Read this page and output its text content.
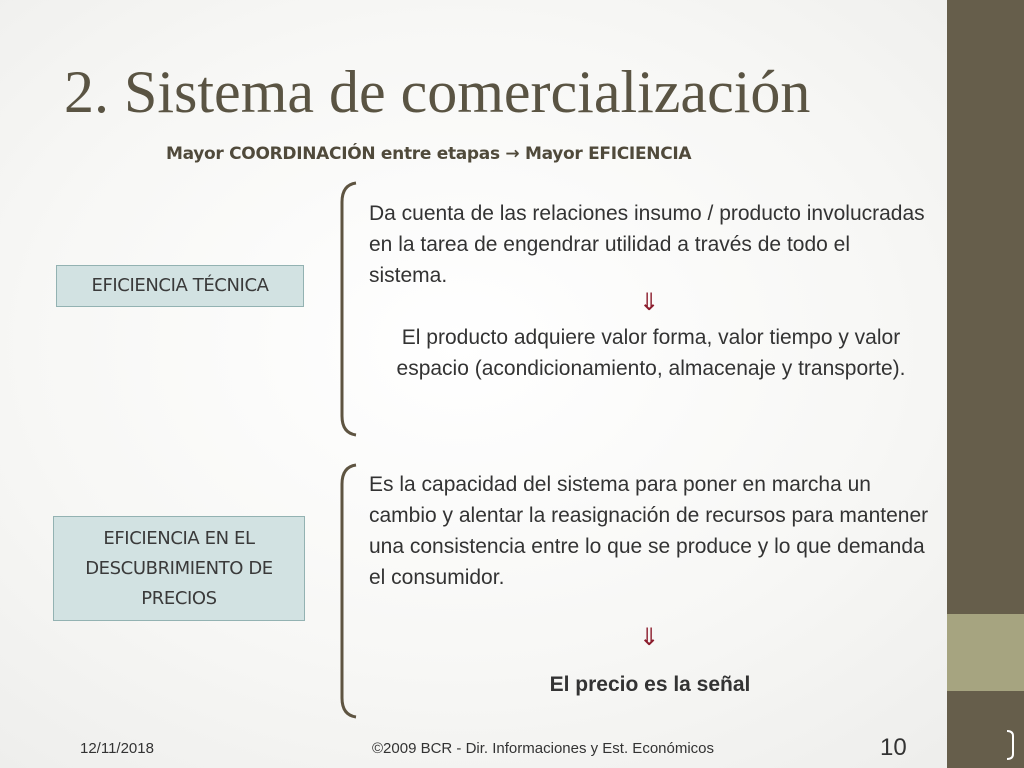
2. Sistema de comercialización
Mayor COORDINACIÓN entre etapas → Mayor EFICIENCIA
EFICIENCIA TÉCNICA
Da cuenta de las relaciones insumo / producto involucradas en la tarea de engendrar utilidad a través de todo el sistema.
⇓
El producto adquiere valor forma, valor tiempo y valor espacio (acondicionamiento, almacenaje y transporte).
EFICIENCIA EN EL DESCUBRIMIENTO DE PRECIOS
Es la capacidad del sistema para poner en marcha un cambio y alentar la reasignación de recursos para mantener una consistencia entre lo que se produce y lo que demanda el consumidor.
⇓
El precio es la señal
12/11/2018	©2009 BCR - Dir. Informaciones y Est. Económicos	10
